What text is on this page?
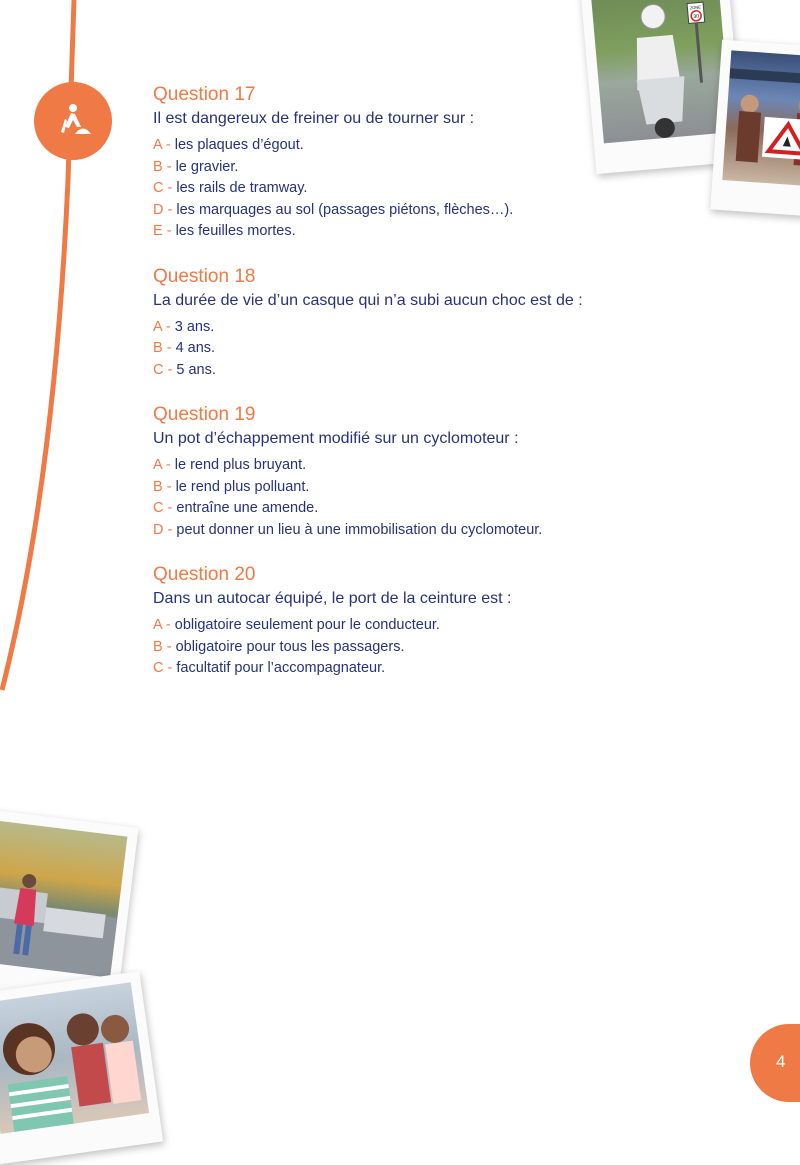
Question 17

Il est dangereux de freiner ou de tourner sur :

A - les plaques d’égout.
B - le gravier.
C - les rails de tramway.
D - les marquages au sol (passages piétons, flèches…).
E - les feuilles mortes.

Question 18

La durée de vie d’un casque qui n’a subi aucun choc est de :

A - 3 ans.
B - 4 ans.
C - 5 ans.

Question 19

Un pot d’échappement modifié sur un cyclomoteur :

A - le rend plus bruyant.
B - le rend plus polluant.
C - entraîne une amende.
D - peut donner un lieu à une immobilisation du cyclomoteur.

Question 20

Dans un autocar équipé, le port de la ceinture est :

A - obligatoire seulement pour le conducteur.
B - obligatoire pour tous les passagers.
C - facultatif pour l’accompagnateur.
ZONE
30
4
